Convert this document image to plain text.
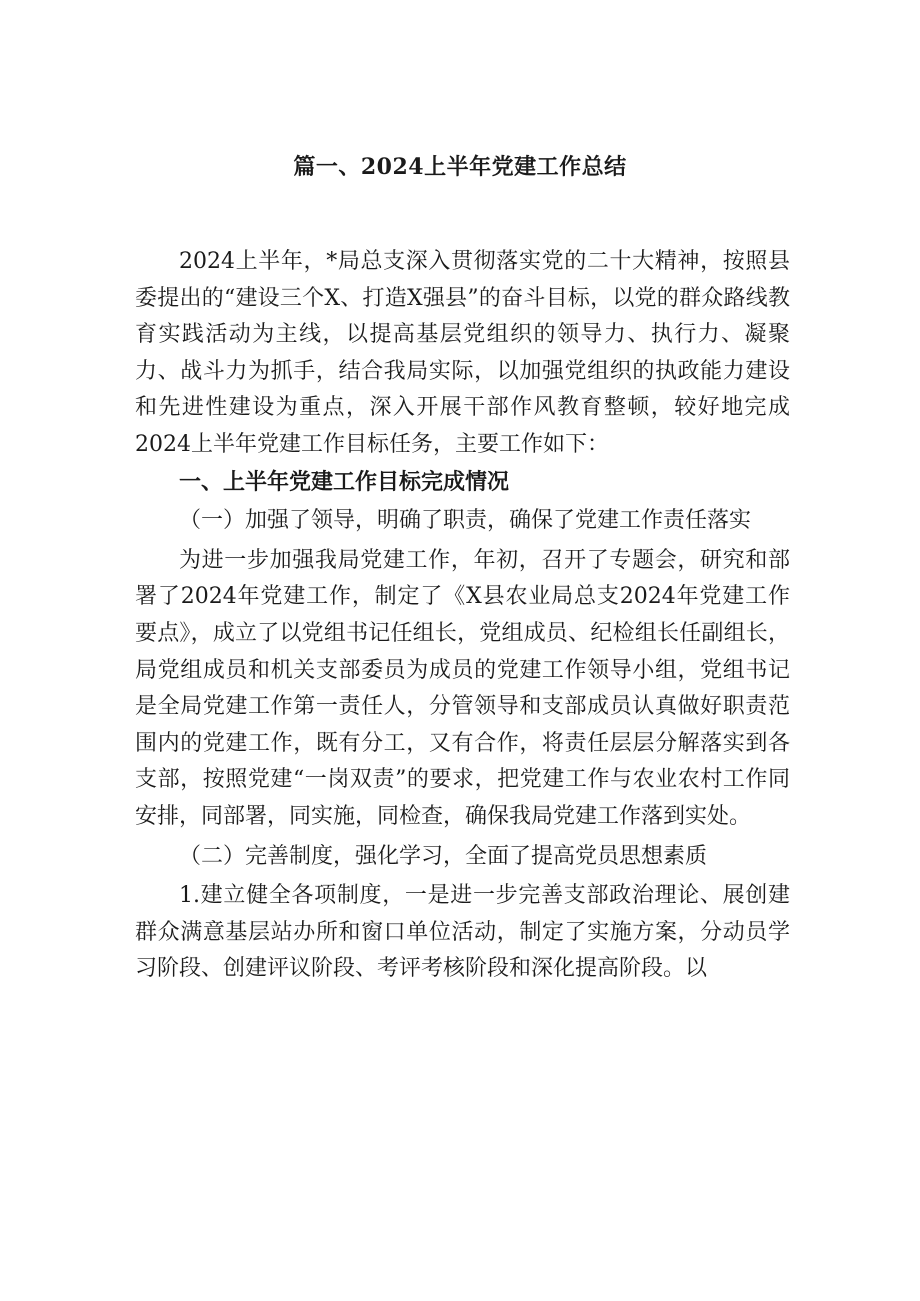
篇一、2024上半年党建工作总结

2024上半年，*局总支深入贯彻落实党的二十大精神，按照县委提出的“建设三个X、打造X强县”的奋斗目标，以党的群众路线教育实践活动为主线，以提高基层党组织的领导力、执行力、凝聚力、战斗力为抓手，结合我局实际，以加强党组织的执政能力建设和先进性建设为重点，深入开展干部作风教育整顿，较好地完成2024上半年党建工作目标任务，主要工作如下：

一、上半年党建工作目标完成情况

（一）加强了领导，明确了职责，确保了党建工作责任落实

为进一步加强我局党建工作，年初，召开了专题会，研究和部署了2024年党建工作，制定了《X县农业局总支2024年党建工作要点》，成立了以党组书记任组长，党组成员、纪检组长任副组长，局党组成员和机关支部委员为成员的党建工作领导小组，党组书记是全局党建工作第一责任人，分管领导和支部成员认真做好职责范围内的党建工作，既有分工，又有合作，将责任层层分解落实到各支部，按照党建“一岗双责”的要求，把党建工作与农业农村工作同安排，同部署，同实施，同检查，确保我局党建工作落到实处。

（二）完善制度，强化学习，全面了提高党员思想素质

1.建立健全各项制度，一是进一步完善支部政治理论、展创建群众满意基层站办所和窗口单位活动，制定了实施方案，分动员学习阶段、创建评议阶段、考评考核阶段和深化提高阶段。以
